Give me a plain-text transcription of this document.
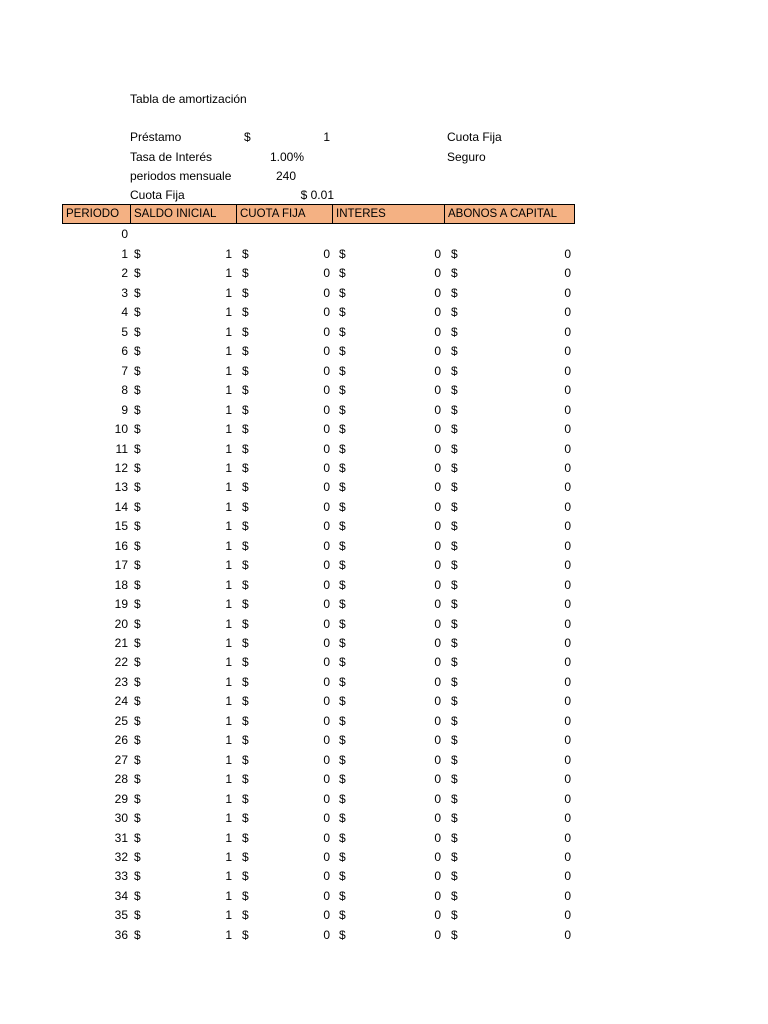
Tabla de amortización
Préstamo	$	1	Cuota Fija
Tasa de Interés	1.00%	Seguro
periodos mensuale	240
Cuota Fija	$ 0.01
PERIODO	SALDO INICIAL	CUOTA FIJA	INTERES	ABONOS A CAPITAL
0
1 $	1 $	0 $	0 $	0
2 $	1 $	0 $	0 $	0
3 $	1 $	0 $	0 $	0
4 $	1 $	0 $	0 $	0
5 $	1 $	0 $	0 $	0
6 $	1 $	0 $	0 $	0
7 $	1 $	0 $	0 $	0
8 $	1 $	0 $	0 $	0
9 $	1 $	0 $	0 $	0
10 $	1 $	0 $	0 $	0
11 $	1 $	0 $	0 $	0
12 $	1 $	0 $	0 $	0
13 $	1 $	0 $	0 $	0
14 $	1 $	0 $	0 $	0
15 $	1 $	0 $	0 $	0
16 $	1 $	0 $	0 $	0
17 $	1 $	0 $	0 $	0
18 $	1 $	0 $	0 $	0
19 $	1 $	0 $	0 $	0
20 $	1 $	0 $	0 $	0
21 $	1 $	0 $	0 $	0
22 $	1 $	0 $	0 $	0
23 $	1 $	0 $	0 $	0
24 $	1 $	0 $	0 $	0
25 $	1 $	0 $	0 $	0
26 $	1 $	0 $	0 $	0
27 $	1 $	0 $	0 $	0
28 $	1 $	0 $	0 $	0
29 $	1 $	0 $	0 $	0
30 $	1 $	0 $	0 $	0
31 $	1 $	0 $	0 $	0
32 $	1 $	0 $	0 $	0
33 $	1 $	0 $	0 $	0
34 $	1 $	0 $	0 $	0
35 $	1 $	0 $	0 $	0
36 $	1 $	0 $	0 $	0
